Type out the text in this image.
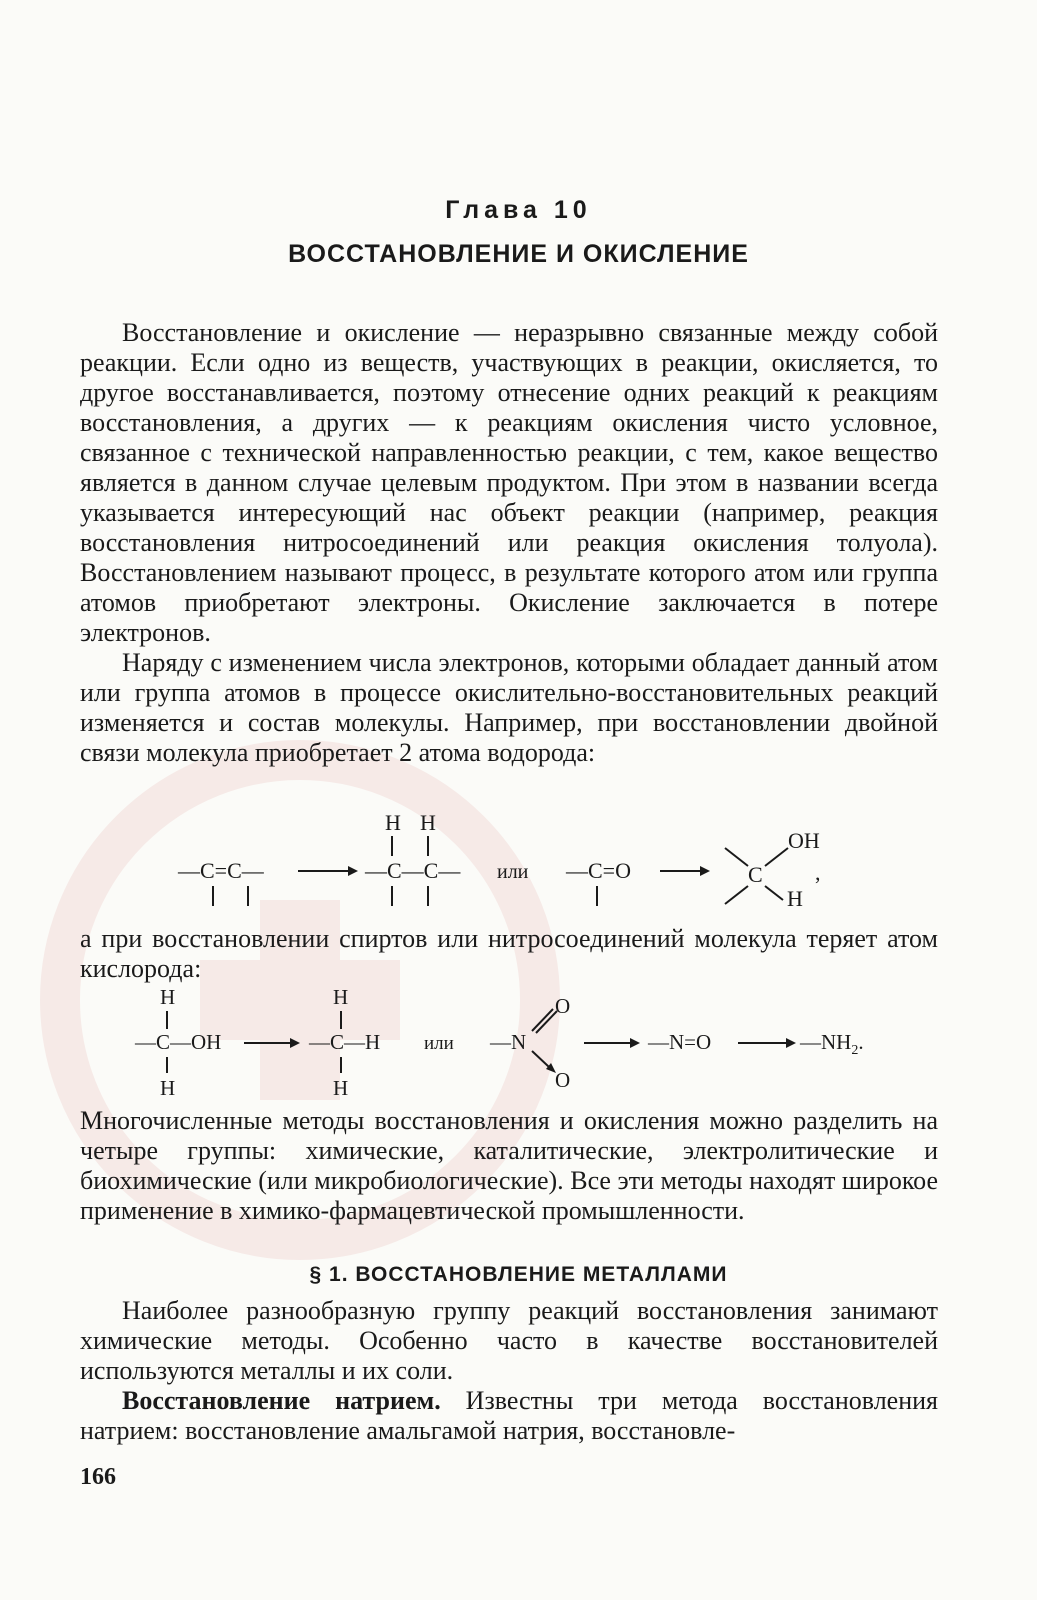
Глава 10
ВОССТАНОВЛЕНИЕ И ОКИСЛЕНИЕ

Восстановление и окисление — неразрывно связанные между собой реакции. Если одно из веществ, участвующих в реакции, окисляется, то другое восстанавливается, поэтому отнесение одних реакций к реакциям восстановления, а других — к реакциям окисления чисто условное, связанное с технической направленностью реакции, с тем, какое вещество является в данном случае целевым продуктом. При этом в названии всегда указывается интересующий нас объект реакции (например, реакция восстановления нитросоединений или реакция окисления толуола). Восстановлением называют процесс, в результате которого атом или группа атомов приобретают электроны. Окисление заключается в потере электронов.

Наряду с изменением числа электронов, которыми обладает данный атом или группа атомов в процессе окислительно-восстановительных реакций изменяется и состав молекулы. Например, при восстановлении двойной связи молекула приобретает 2 атома водорода:

—C=C—
H H
—C—C— или —C=O	C
OH
H
,

а при восстановлении спиртов или нитросоединений молекула теряет атом кислорода:

H
—C—OH
H
H
—C—H
H
или —N
O
O
—N=O	$—NH_2$.

Многочисленные методы восстановления и окисления можно разделить на четыре группы: химические, каталитические, электролитические и биохимические (или микробиологические). Все эти методы находят широкое применение в химико-фармацевтической промышленности.

§ 1. ВОССТАНОВЛЕНИЕ МЕТАЛЛАМИ

Наиболее разнообразную группу реакций восстановления занимают химические методы. Особенно часто в качестве восстановителей используются металлы и их соли.

Восстановление натрием. Известны три метода восстановления натрием: восстановление амальгамой натрия, восстановле-

166
